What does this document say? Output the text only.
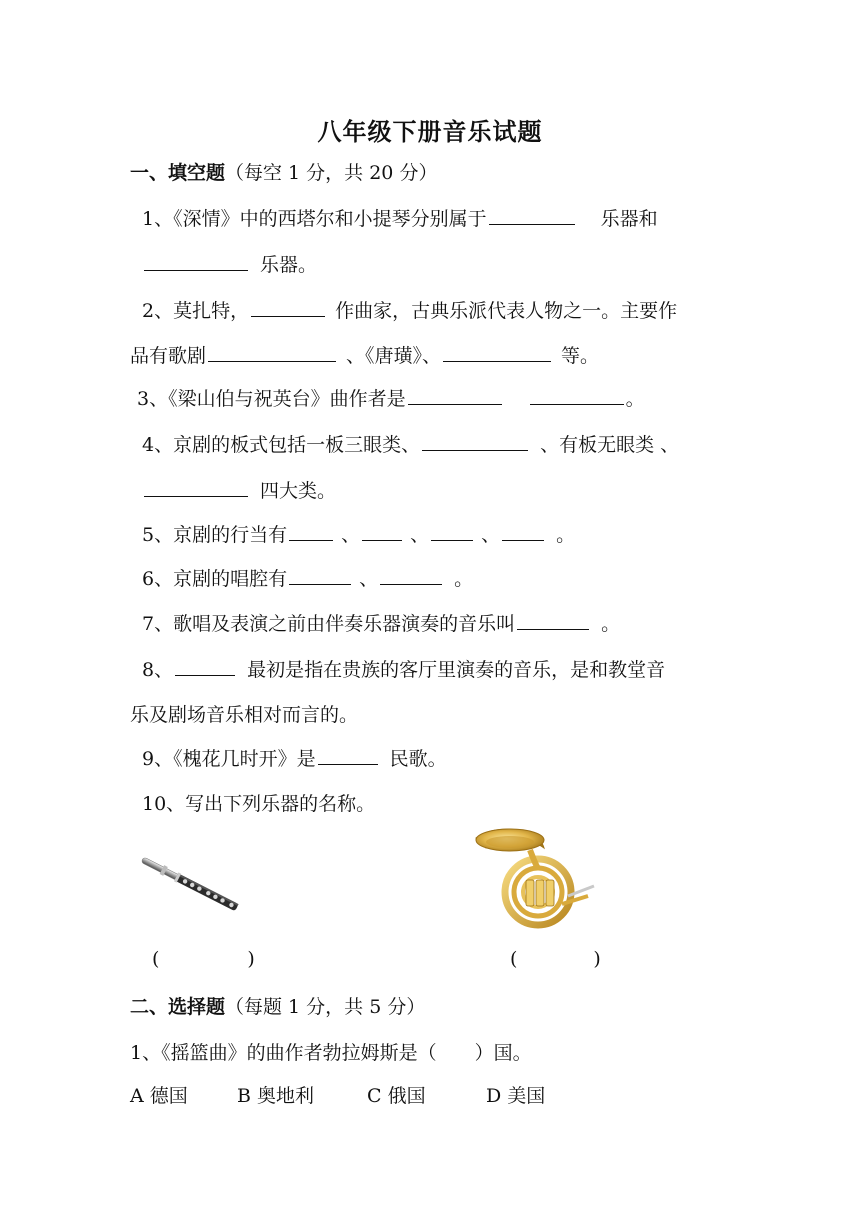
八年级下册音乐试题
一、填空题（每空 1 分，共 20 分）
1、《深情》中的西塔尔和小提琴分别属于	乐器和
乐器。
2、莫扎特，	作曲家，古典乐派代表人物之一。主要作
品有歌剧	、《唐璜》、	等。
3、《梁山伯与祝英台》曲作者是	。
4、京剧的板式包括一板三眼类、	、有板无眼类 、
四大类。
5、京剧的行当有	、	、	、	。
6、京剧的唱腔有	、	。
7、歌唱及表演之前由伴奏乐器演奏的音乐叫	。
8、	最初是指在贵族的客厅里演奏的音乐，是和教堂音
乐及剧场音乐相对而言的。
9、《槐花几时开》是	民歌。
10、写出下列乐器的名称。
(	)	(	)
二、选择题（每题 1 分，共 5 分）
1、《摇篮曲》的曲作者勃拉姆斯是（　　）国。
A 德国	B 奥地利	C 俄国	D 美国
